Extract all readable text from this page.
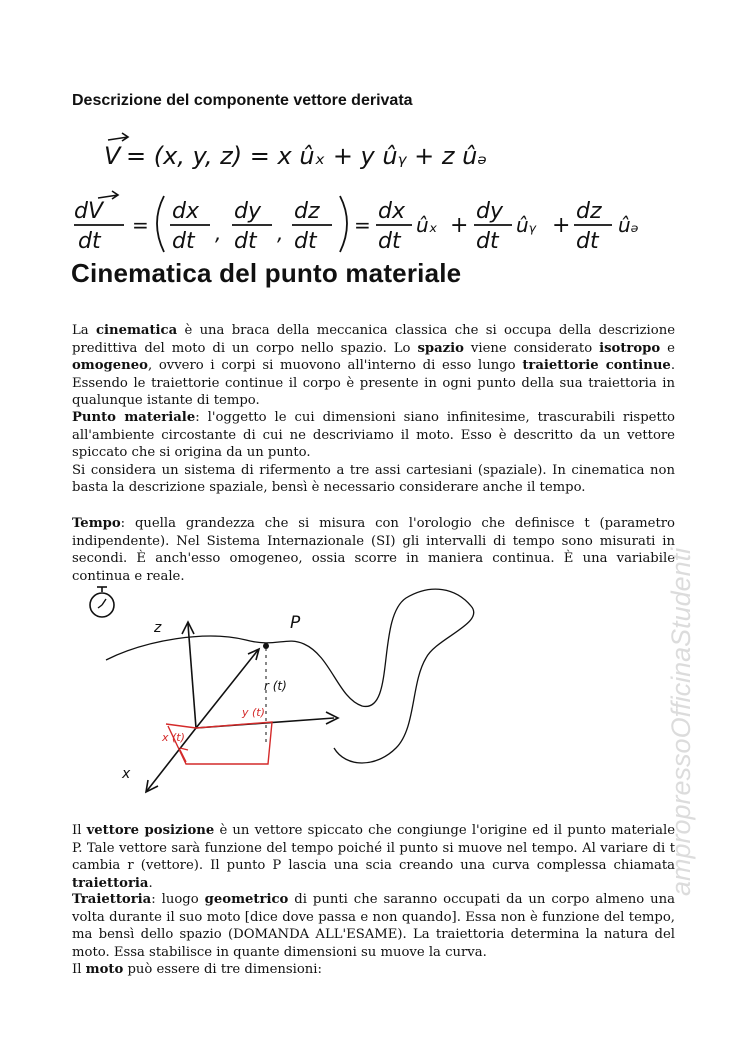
Descrizione del componente vettore derivata
V = (x, y, z) = x ûₓ + y ûᵧ + z ûₔ
dV
dt
=
dx
dt ,
dy
dt ,
dz
dt
=
dx
dt
ûₓ +
dy
dt
ûᵧ +
dz
dt
ûₔ
Cinematica del punto materiale

La cinematica è una braca della meccanica classica che si occupa della descrizione predittiva del moto di un corpo nello spazio. Lo spazio viene considerato isotropo e omogeneo, ovvero i corpi si muovono all'interno di esso lungo traiettorie continue. Essendo le traiettorie continue il corpo è presente in ogni punto della sua traiettoria in qualunque istante di tempo.

Punto materiale: l'oggetto le cui dimensioni siano infinitesime, trascurabili rispetto all'ambiente circostante di cui ne descriviamo il moto. Esso è descritto da un vettore spiccato che si origina da un punto.
Si considera un sistema di rifermento a tre assi cartesiani (spaziale). In cinematica non basta la descrizione spaziale, bensì è necessario considerare anche il tempo.

Tempo: quella grandezza che si misura con l'orologio che definisce t (parametro indipendente). Nel Sistema Internazionale (SI) gli intervalli di tempo sono misurati in secondi. È anch'esso omogeneo, ossia scorre in maniera continua. È una variabile continua e reale.

z	P
x
r (t)
y (t)
x (t)	ampropressoOfficinaStudenti

Il vettore posizione è un vettore spiccato che congiunge l'origine ed il punto materiale P. Tale vettore sarà funzione del tempo poiché il punto si muove nel tempo. Al variare di t cambia r (vettore). Il punto P lascia una scia creando una curva complessa chiamata traiettoria.

Traiettoria: luogo geometrico di punti che saranno occupati da un corpo almeno una volta durante il suo moto [dice dove passa e non quando]. Essa non è funzione del tempo, ma bensì dello spazio (DOMANDA ALL'ESAME). La traiettoria determina la natura del moto. Essa stabilisce in quante dimensioni su muove la curva.
Il moto può essere di tre dimensioni:
